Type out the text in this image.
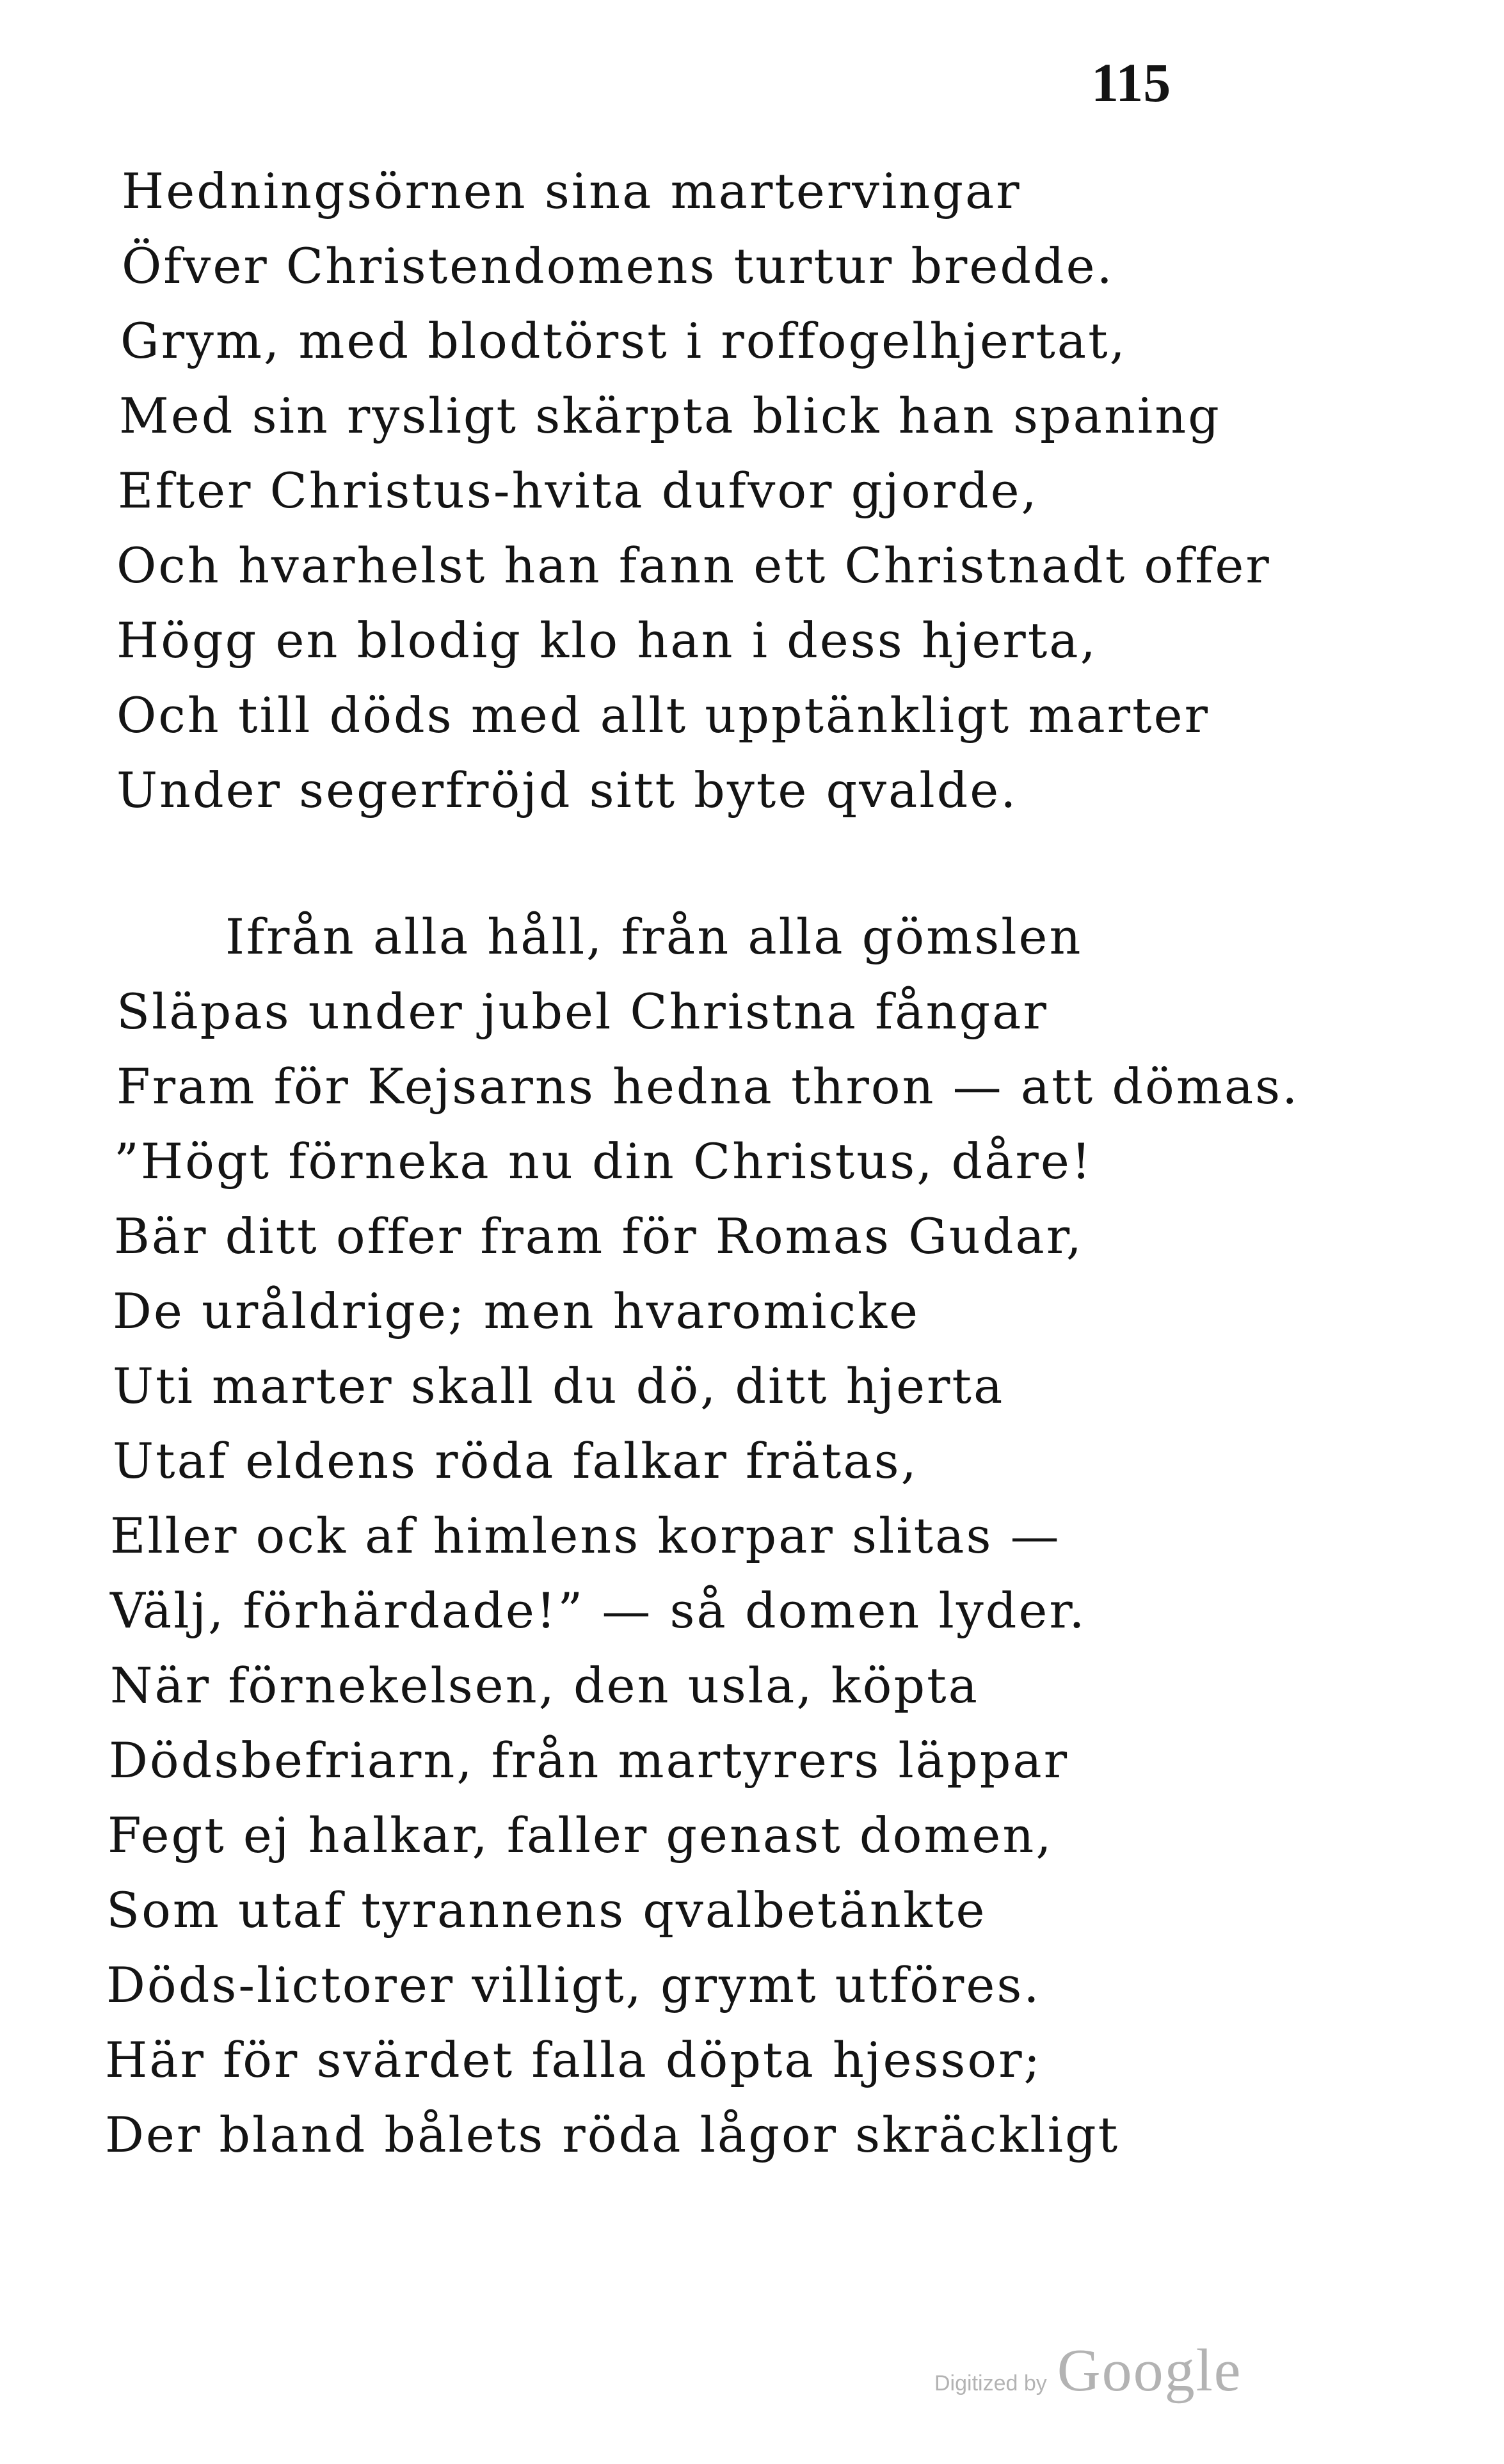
115
Hedningsörnen sina martervingar
Öfver Christendomens turtur bredde.
Grym, med blodtörst i roffogelhjertat,
Med sin rysligt skärpta blick han spaning
Efter Christus-hvita dufvor gjorde,
Och hvarhelst han fann ett Christnadt offer
Högg en blodig klo han i dess hjerta,
Och till döds med allt upptänkligt marter
Under segerfröjd sitt byte qvalde.
Ifrån alla håll, från alla gömslen
Släpas under jubel Christna fångar
Fram för Kejsarns hedna thron — att dömas.
”Högt förneka nu din Christus, dåre!
Bär ditt offer fram för Romas Gudar,
De uråldrige; men hvaromicke
Uti marter skall du dö, ditt hjerta
Utaf eldens röda falkar frätas,
Eller ock af himlens korpar slitas —
Välj, förhärdade!” — så domen lyder.
När förnekelsen, den usla, köpta
Dödsbefriarn, från martyrers läppar
Fegt ej halkar, faller genast domen,
Som utaf tyrannens qvalbetänkte
Döds-lictorer villigt, grymt utföres.
Här för svärdet falla döpta hjessor;
Der bland bålets röda lågor skräckligt
Digitized by Google
